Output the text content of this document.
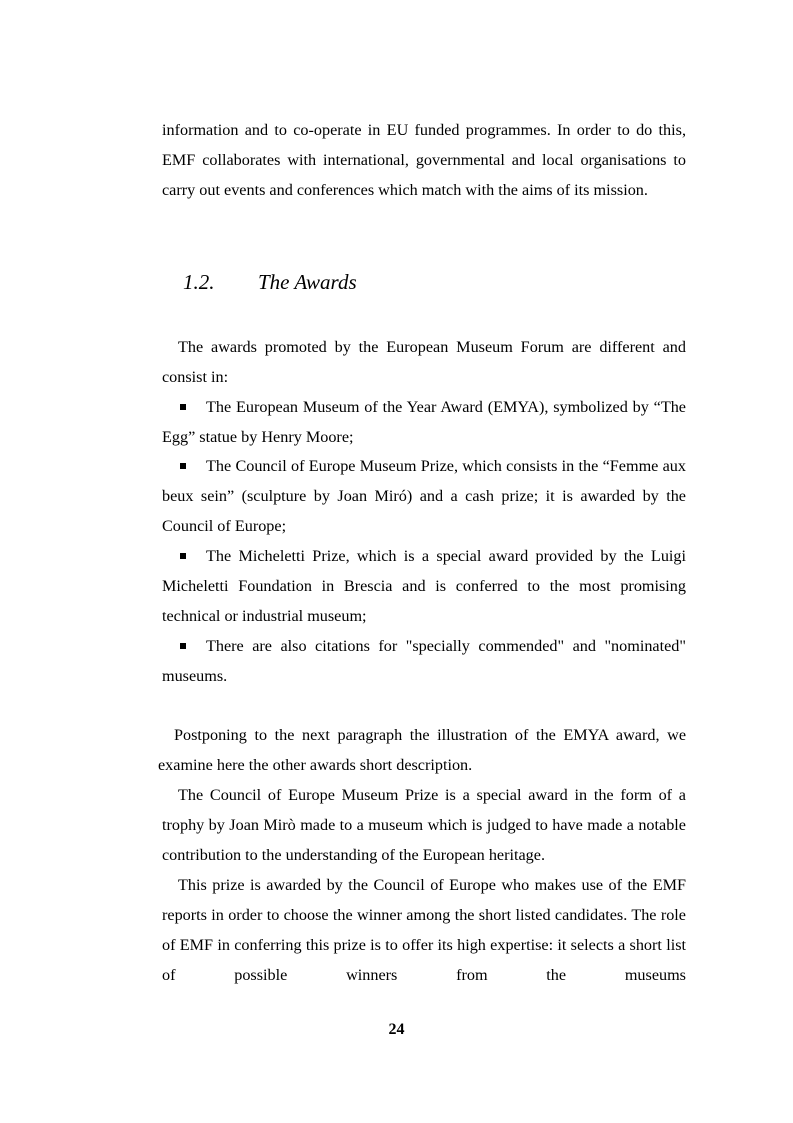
information and to co-operate in EU funded programmes. In order to do this, EMF collaborates with international, governmental and local organisations to carry out events and conferences which match with the aims of its mission.

1.2. The Awards

The awards promoted by the European Museum Forum are different and consist in:

The European Museum of the Year Award (EMYA), symbolized by “The Egg” statue by Henry Moore;
The Council of Europe Museum Prize, which consists in the “Femme aux beux sein” (sculpture by Joan Miró) and a cash prize; it is awarded by the Council of Europe;
The Micheletti Prize, which is a special award provided by the Luigi Micheletti Foundation in Brescia and is conferred to the most promising technical or industrial museum;
There are also citations for "specially commended" and "nominated" museums.

Postponing to the next paragraph the illustration of the EMYA award, we examine here the other awards short description.

The Council of Europe Museum Prize is a special award in the form of a trophy by Joan Mirò made to a museum which is judged to have made a notable contribution to the understanding of the European heritage.

This prize is awarded by the Council of Europe who makes use of the EMF reports in order to choose the winner among the short listed candidates. The role of EMF in conferring this prize is to offer its high expertise: it selects a short list of possible winners from the museums

24
